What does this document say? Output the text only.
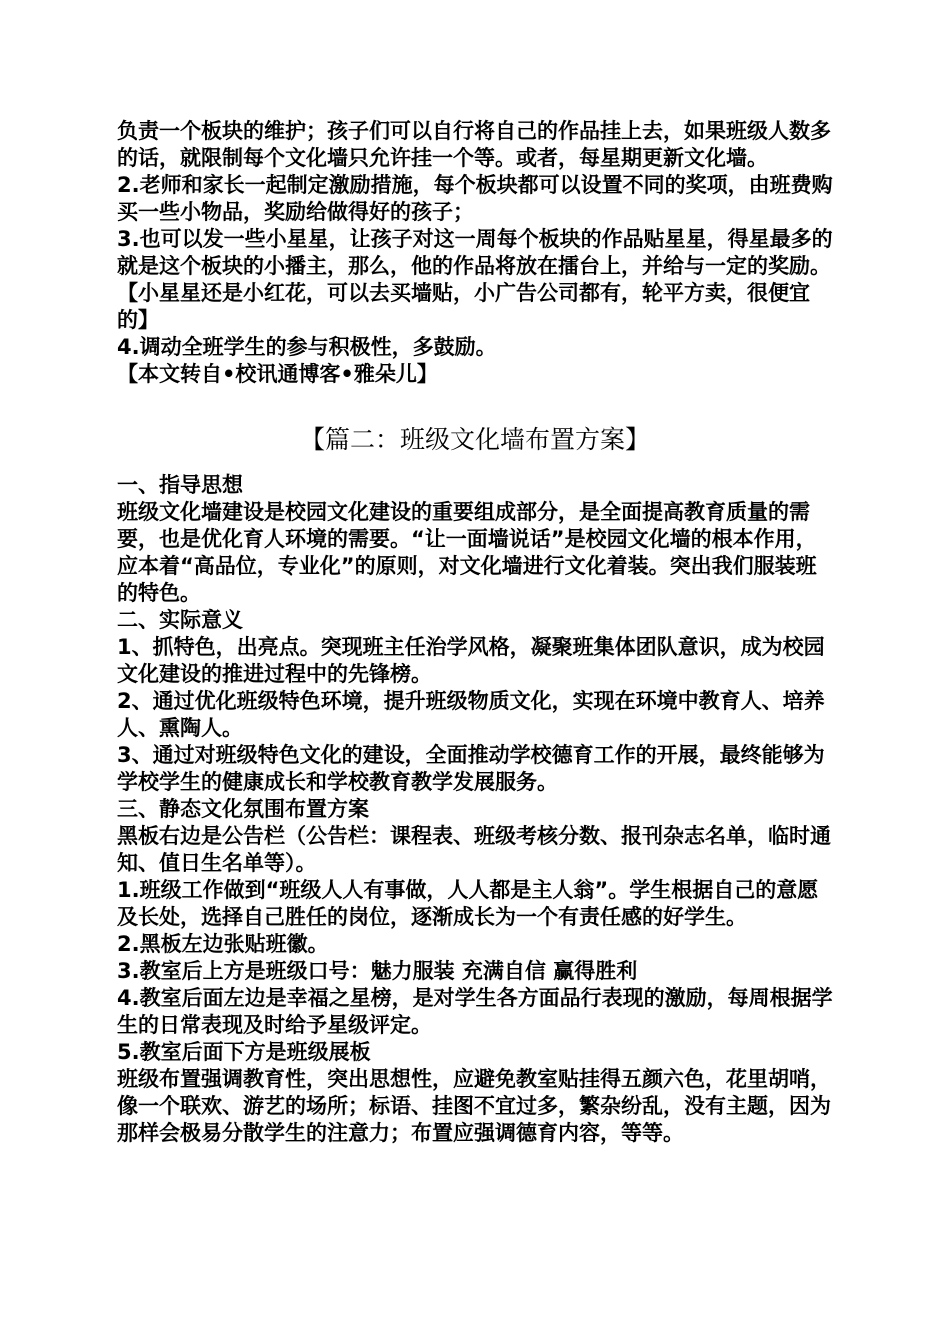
负责一个板块的维护；孩子们可以自行将自己的作品挂上去，如果班级人数多的话，就限制每个文化墙只允许挂一个等。或者，每星期更新文化墙。

2.老师和家长一起制定激励措施，每个板块都可以设置不同的奖项，由班费购买一些小物品，奖励给做得好的孩子；

3.也可以发一些小星星，让孩子对这一周每个板块的作品贴星星，得星最多的就是这个板块的小播主，那么，他的作品将放在擂台上，并给与一定的奖励。【小星星还是小红花，可以去买墙贴，小广告公司都有，轮平方卖，很便宜的】

4.调动全班学生的参与积极性，多鼓励。

【本文转自•校讯通博客•雅朵儿】

【篇二：班级文化墙布置方案】

一、指导思想

班级文化墙建设是校园文化建设的重要组成部分，是全面提高教育质量的需要，也是优化育人环境的需要。“让一面墙说话”是校园文化墙的根本作用，应本着“高品位，专业化”的原则，对文化墙进行文化着装。突出我们服装班的特色。

二、实际意义

1、抓特色，出亮点。突现班主任治学风格，凝聚班集体团队意识，成为校园文化建设的推进过程中的先锋榜。

2、通过优化班级特色环境，提升班级物质文化，实现在环境中教育人、培养人、熏陶人。

3、通过对班级特色文化的建设，全面推动学校德育工作的开展，最终能够为学校学生的健康成长和学校教育教学发展服务。

三、静态文化氛围布置方案

黑板右边是公告栏（公告栏：课程表、班级考核分数、报刊杂志名单，临时通知、值日生名单等）。

1.班级工作做到“班级人人有事做，人人都是主人翁”。学生根据自己的意愿及长处，选择自己胜任的岗位，逐渐成长为一个有责任感的好学生。

2.黑板左边张贴班徽。

3.教室后上方是班级口号：魅力服装 充满自信 赢得胜利

4.教室后面左边是幸福之星榜，是对学生各方面品行表现的激励，每周根据学生的日常表现及时给予星级评定。

5.教室后面下方是班级展板

班级布置强调教育性，突出思想性，应避免教室贴挂得五颜六色，花里胡哨，像一个联欢、游艺的场所；标语、挂图不宜过多，繁杂纷乱，没有主题，因为那样会极易分散学生的注意力；布置应强调德育内容，等等。
